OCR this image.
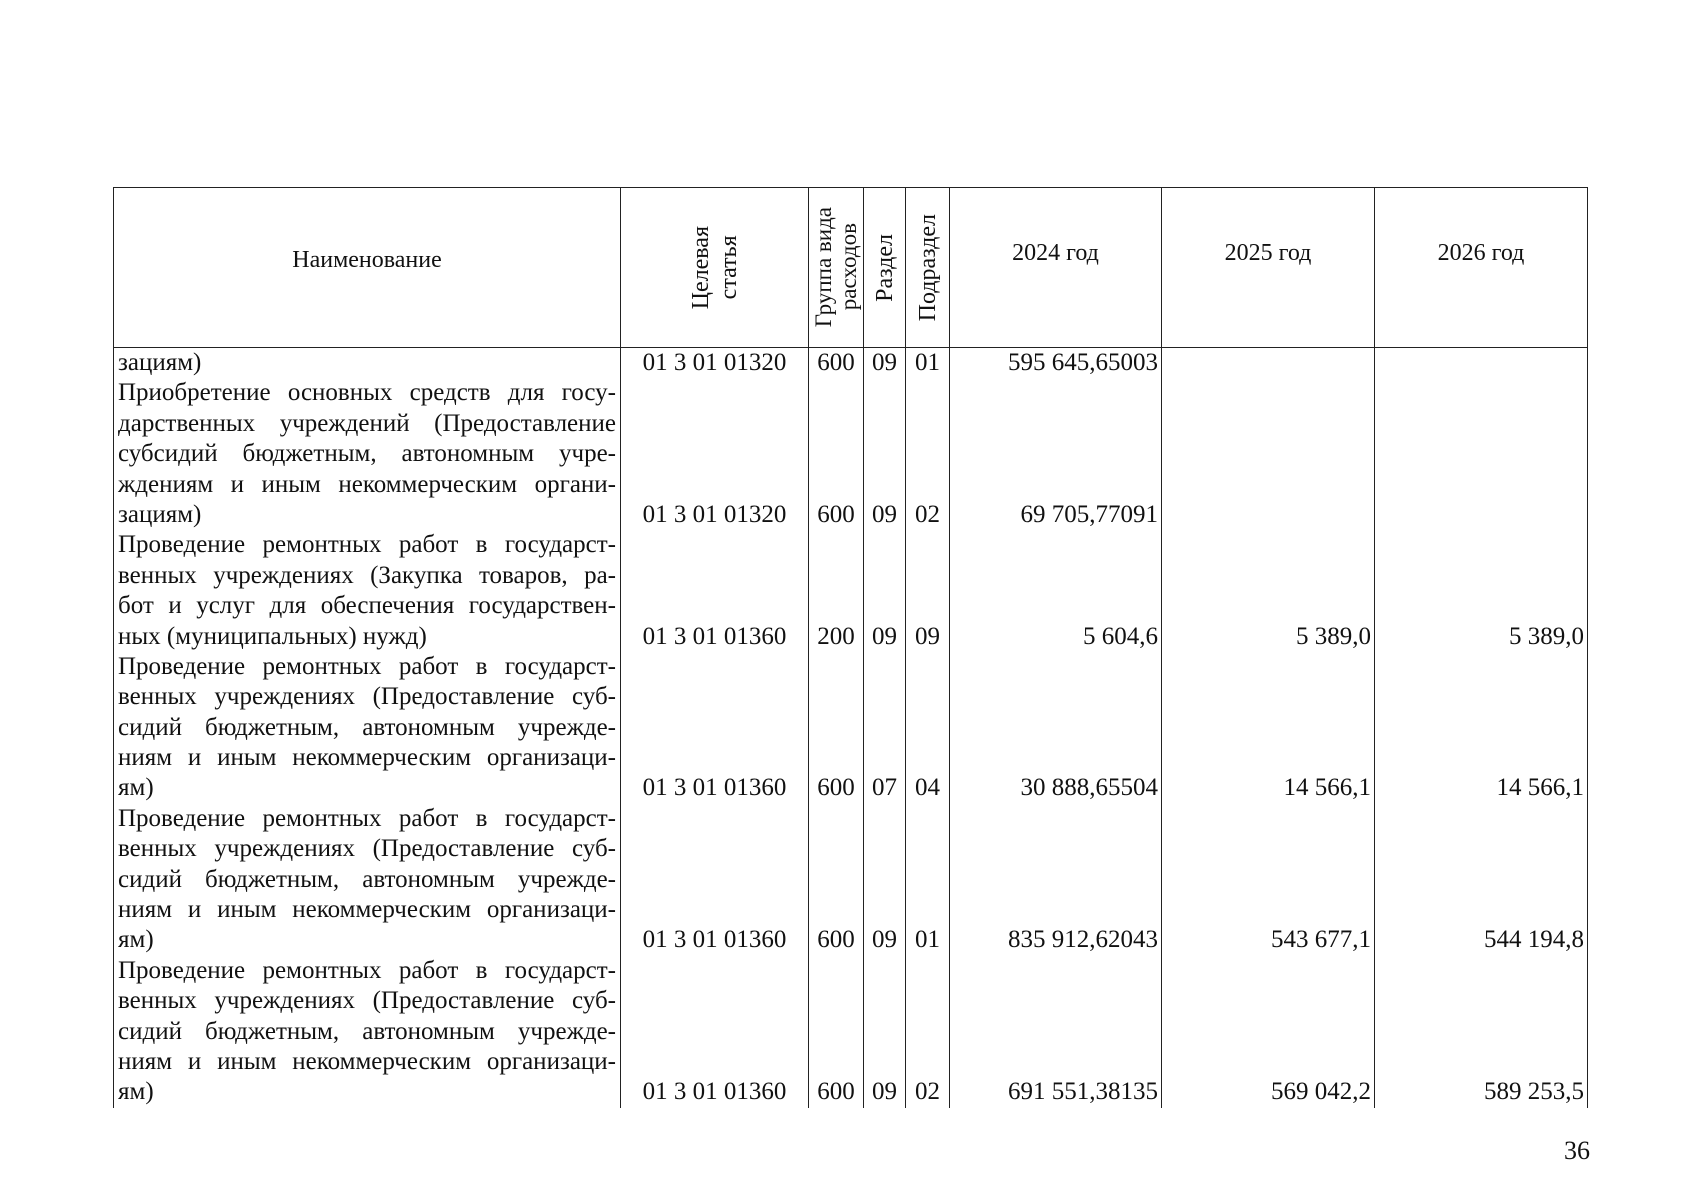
Наименование	Целевая статья	Группа вида расходов	Раздел	Подраздел	2024 год	2025 год	2026 год

зациям)	01 3 01 01320	600	09	01	595 645,65003		

Приобретение основных средств для госу-
дарственных учреждений (Предоставление
субсидий бюджетным, автономным учре-
ждениям и иным некоммерческим органи-
зациям)	01 3 01 01320	600	09	02	69 705,77091		

Проведение ремонтных работ в государст-
венных учреждениях (Закупка товаров, ра-
бот и услуг для обеспечения государствен-
ных (муниципальных) нужд)	01 3 01 01360	200	09	09	5 604,6	5 389,0	5 389,0

Проведение ремонтных работ в государст-
венных учреждениях (Предоставление суб-
сидий бюджетным, автономным учрежде-
ниям и иным некоммерческим организаци-
ям)	01 3 01 01360	600	07	04	30 888,65504	14 566,1	14 566,1

Проведение ремонтных работ в государст-
венных учреждениях (Предоставление суб-
сидий бюджетным, автономным учрежде-
ниям и иным некоммерческим организаци-
ям)	01 3 01 01360	600	09	01	835 912,62043	543 677,1	544 194,8

Проведение ремонтных работ в государст-
венных учреждениях (Предоставление суб-
сидий бюджетным, автономным учрежде-
ниям и иным некоммерческим организаци-
ям)	01 3 01 01360	600	09	02	691 551,38135	569 042,2	589 253,5
36
